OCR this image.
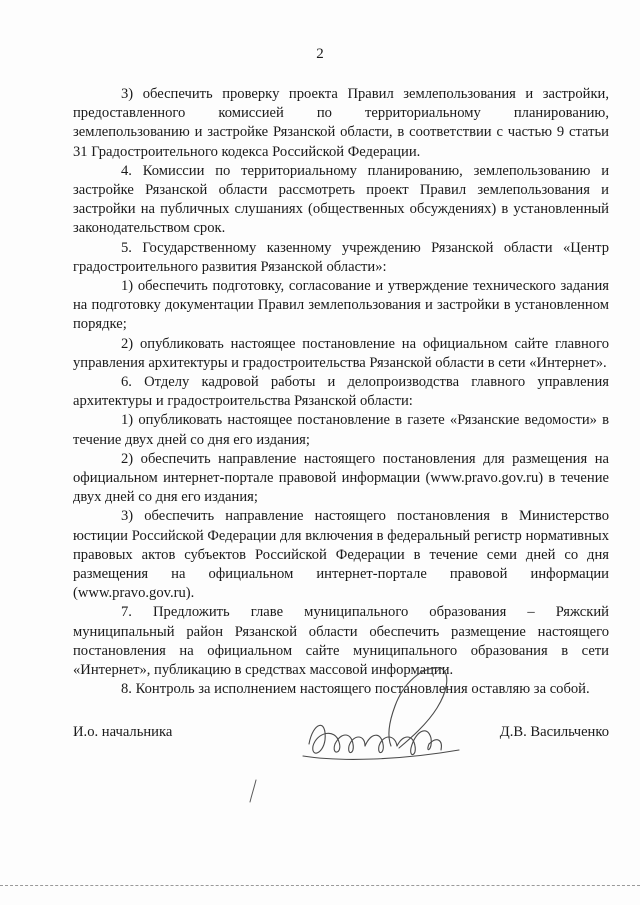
2

3) обеспечить проверку проекта Правил землепользования и застройки, предоставленного комиссией по территориальному планированию, землепользованию и застройке Рязанской области, в соответствии с частью 9 статьи 31 Градостроительного кодекса Российской Федерации.

4. Комиссии по территориальному планированию, землепользованию и застройке Рязанской области рассмотреть проект Правил землепользования и застройки на публичных слушаниях (общественных обсуждениях) в установленный законодательством срок.

5. Государственному казенному учреждению Рязанской области «Центр градостроительного развития Рязанской области»:

1) обеспечить подготовку, согласование и утверждение технического задания на подготовку документации Правил землепользования и застройки в установленном порядке;

2) опубликовать настоящее постановление на официальном сайте главного управления архитектуры и градостроительства Рязанской области в сети «Интернет».

6. Отделу кадровой работы и делопроизводства главного управления архитектуры и градостроительства Рязанской области:

1) опубликовать настоящее постановление в газете «Рязанские ведомости» в течение двух дней со дня его издания;

2) обеспечить направление настоящего постановления для размещения на официальном интернет-портале правовой информации (www.pravo.gov.ru) в течение двух дней со дня его издания;

3) обеспечить направление настоящего постановления в Министерство юстиции Российской Федерации для включения в федеральный регистр нормативных правовых актов субъектов Российской Федерации в течение семи дней со дня размещения на официальном интернет-портале правовой информации (www.pravo.gov.ru).

7. Предложить главе муниципального образования – Ряжский муниципальный район Рязанской области обеспечить размещение настоящего постановления на официальном сайте муниципального образования в сети «Интернет», публикацию в средствах массовой информации.

8. Контроль за исполнением настоящего постановления оставляю за собой.

И.о. начальника	Д.В. Васильченко
